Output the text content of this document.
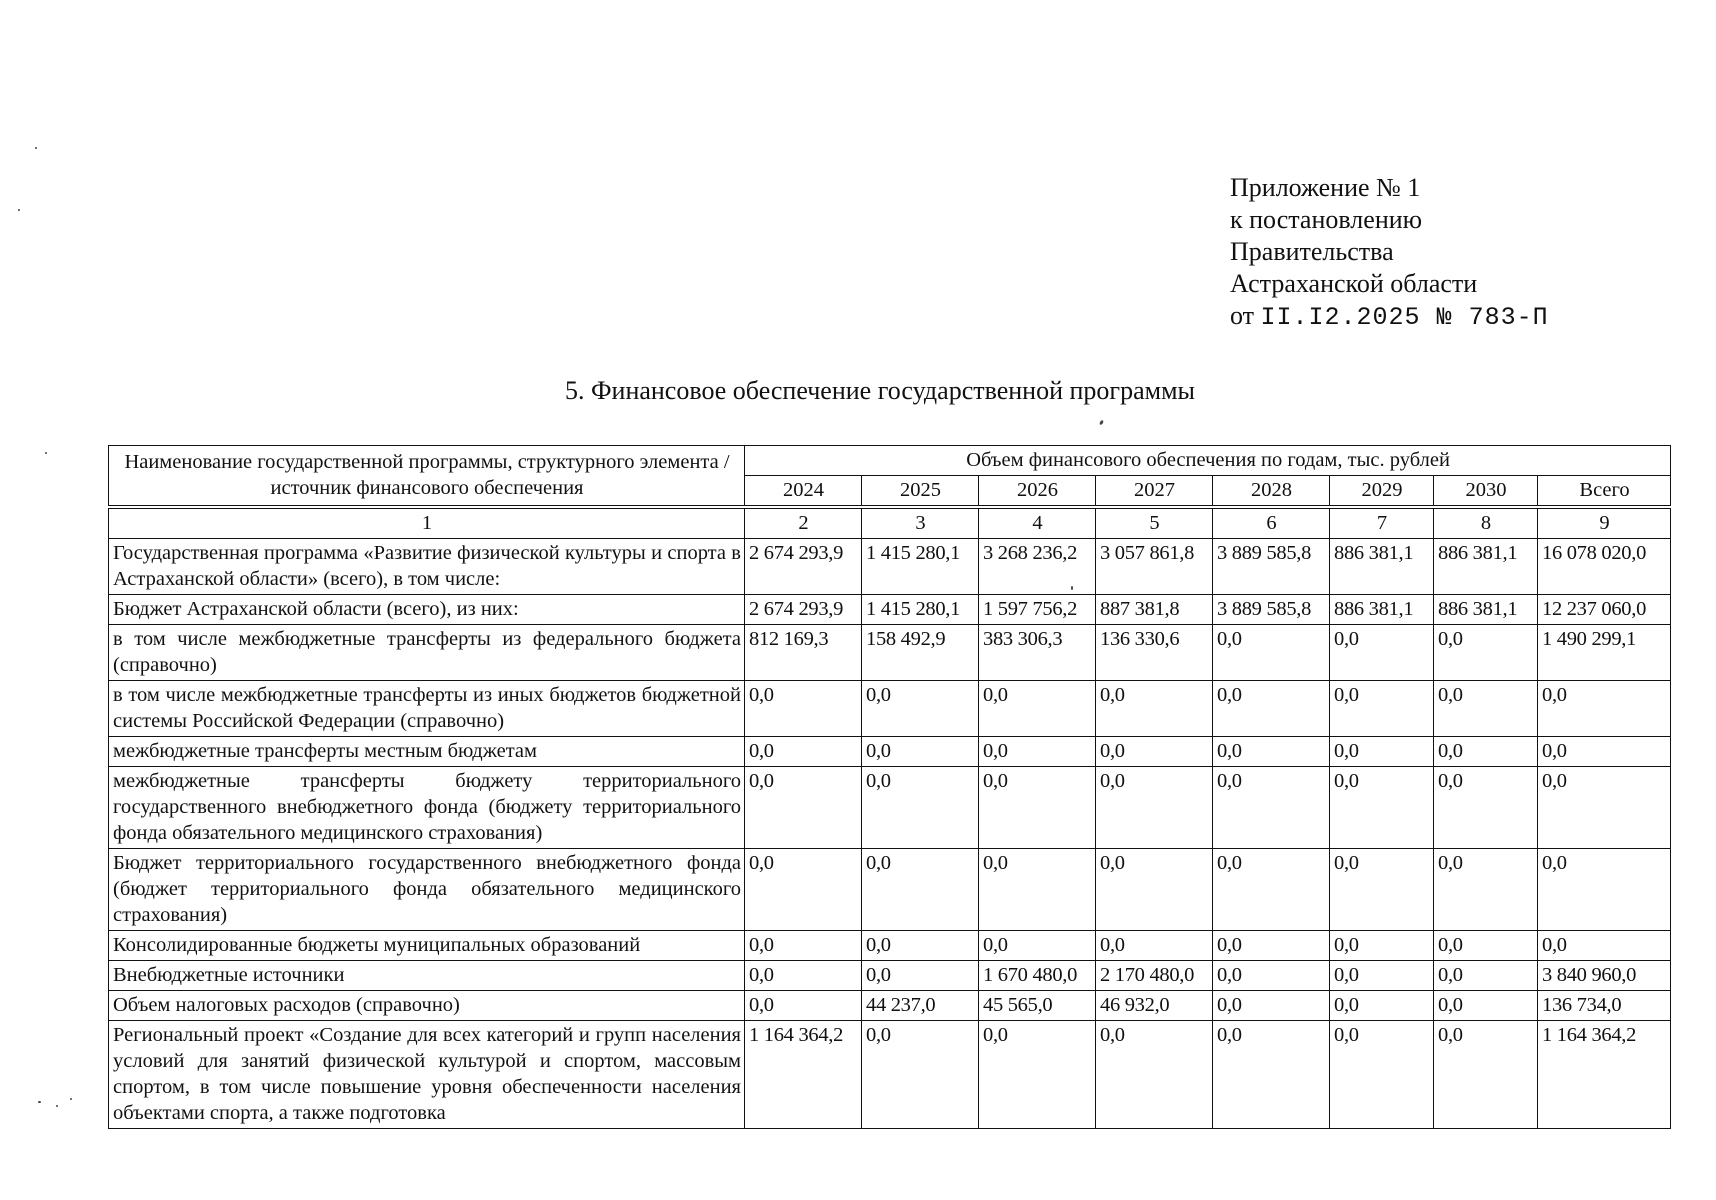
Приложение № 1
к постановлению
Правительства
Астраханской области
от II.I2.2025 № 783-П
5. Финансовое обеспечение государственной программы
Наименование государственной программы, структурного элемента / источник финансового обеспечения	Объем финансового обеспечения по годам, тыс. рублей							
	2024	2025	2026	2027	2028	2029	2030	Всего

1	2	3	4	5	6	7	8	9
Государственная программа «Развитие физической культуры и спорта в Астраханской области» (всего), в том числе:	2 674 293,9	1 415 280,1	3 268 236,2	3 057 861,8	3 889 585,8	886 381,1	886 381,1	16 078 020,0
Бюджет Астраханской области (всего), из них:	2 674 293,9	1 415 280,1	1 597 756,2	887 381,8	3 889 585,8	886 381,1	886 381,1	12 237 060,0
в том числе межбюджетные трансферты из федерального бюджета (справочно)	812 169,3	158 492,9	383 306,3	136 330,6	0,0	0,0	0,0	1 490 299,1
в том числе межбюджетные трансферты из иных бюджетов бюджетной системы Российской Федерации (справочно)	0,0	0,0	0,0	0,0	0,0	0,0	0,0	0,0
межбюджетные трансферты местным бюджетам	0,0	0,0	0,0	0,0	0,0	0,0	0,0	0,0
межбюджетные трансферты бюджету территориального государственного внебюджетного фонда (бюджету территориального фонда обязательного медицинского страхования)	0,0	0,0	0,0	0,0	0,0	0,0	0,0	0,0
Бюджет территориального государственного внебюджетного фонда (бюджет территориального фонда обязательного медицинского страхования)	0,0	0,0	0,0	0,0	0,0	0,0	0,0	0,0
Консолидированные бюджеты муниципальных образований	0,0	0,0	0,0	0,0	0,0	0,0	0,0	0,0
Внебюджетные источники	0,0	0,0	1 670 480,0	2 170 480,0	0,0	0,0	0,0	3 840 960,0
Объем налоговых расходов (справочно)	0,0	44 237,0	45 565,0	46 932,0	0,0	0,0	0,0	136 734,0
Региональный проект «Создание для всех категорий и групп населения условий для занятий физической культурой и спортом, массовым спортом, в том числе повышение уровня обеспеченности населения объектами спорта, а также подготовка	1 164 364,2	0,0	0,0	0,0	0,0	0,0	0,0	1 164 364,2
